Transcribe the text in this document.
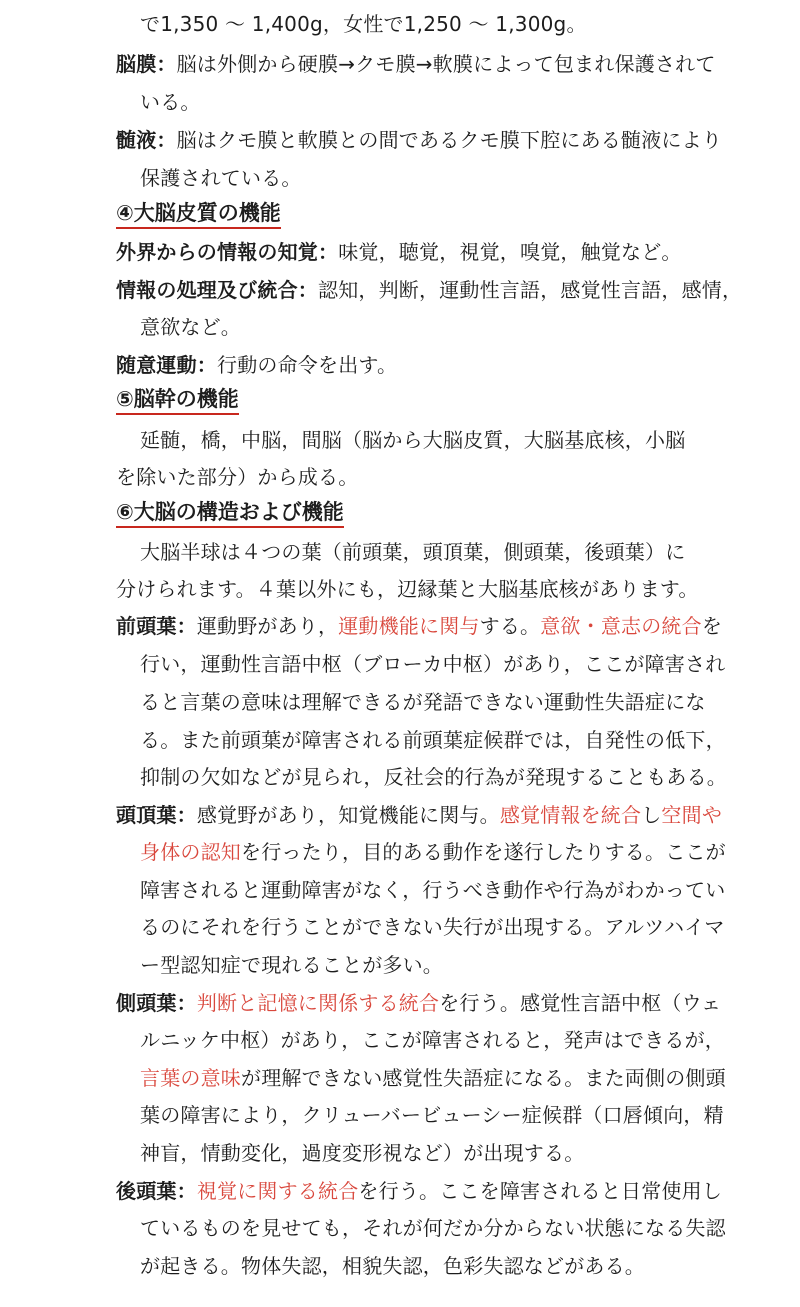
で1,350 ～ 1,400g，女性で1,250 ～ 1,300g。
脳膜：脳は外側から硬膜→クモ膜→軟膜によって包まれ保護されて
いる。
髄液：脳はクモ膜と軟膜との間であるクモ膜下腔にある髄液により
保護されている。
④大脳皮質の機能
外界からの情報の知覚：味覚，聴覚，視覚，嗅覚，触覚など。
情報の処理及び統合：認知，判断，運動性言語，感覚性言語，感情，
意欲など。
随意運動：行動の命令を出す。
⑤脳幹の機能
延髄，橋，中脳，間脳（脳から大脳皮質，大脳基底核，小脳
を除いた部分）から成る。
⑥大脳の構造および機能
大脳半球は４つの葉（前頭葉，頭頂葉，側頭葉，後頭葉）に
分けられます。４葉以外にも，辺縁葉と大脳基底核があります。
前頭葉：運動野があり，運動機能に関与する。意欲・意志の統合を
行い，運動性言語中枢（ブローカ中枢）があり，ここが障害され
ると言葉の意味は理解できるが発語できない運動性失語症にな
る。また前頭葉が障害される前頭葉症候群では，自発性の低下，
抑制の欠如などが見られ，反社会的行為が発現することもある。
頭頂葉：感覚野があり，知覚機能に関与。感覚情報を統合し空間や
身体の認知を行ったり，目的ある動作を遂行したりする。ここが
障害されると運動障害がなく，行うべき動作や行為がわかってい
るのにそれを行うことができない失行が出現する。アルツハイマ
ー型認知症で現れることが多い。
側頭葉：判断と記憶に関係する統合を行う。感覚性言語中枢（ウェ
ルニッケ中枢）があり，ここが障害されると，発声はできるが，
言葉の意味が理解できない感覚性失語症になる。また両側の側頭
葉の障害により，クリューバービューシー症候群（口唇傾向，精
神盲，情動変化，過度変形視など）が出現する。
後頭葉：視覚に関する統合を行う。ここを障害されると日常使用し
ているものを見せても，それが何だか分からない状態になる失認
が起きる。物体失認，相貌失認，色彩失認などがある。
